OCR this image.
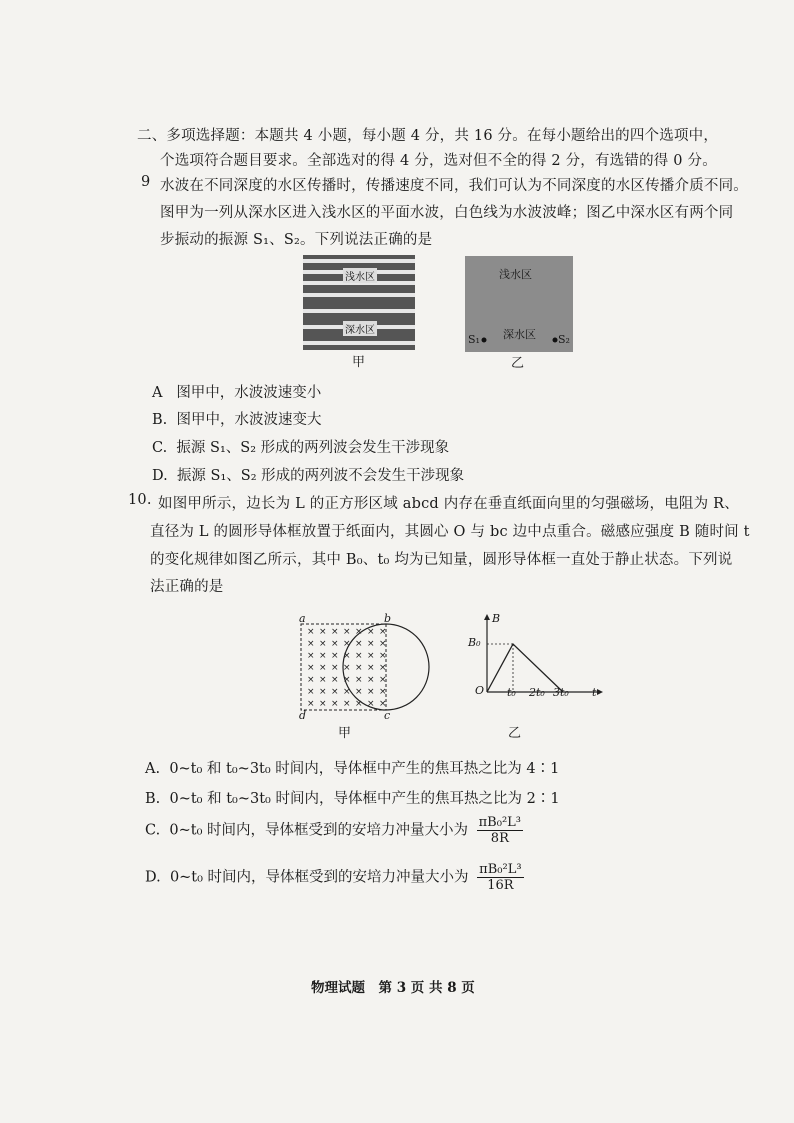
二、多项选择题：本题共 4 小题，每小题 4 分，共 16 分。在每小题给出的四个选项中，
个选项符合题目要求。全部选对的得 4 分，选对但不全的得 2 分，有选错的得 0 分。
9 水波在不同深度的水区传播时，传播速度不同，我们可认为不同深度的水区传播介质不同。
图甲为一列从深水区进入浅水区的平面水波，白色线为水波波峰；图乙中深水区有两个同
步振动的振源 S₁、S₂。下列说法正确的是
浅水区
深水区
甲
浅水区
深水区
S₁	S₂
乙
A 图甲中，水波波速变小
B. 图甲中，水波波速变大
C. 振源 S₁、S₂ 形成的两列波会发生干涉现象
D. 振源 S₁、S₂ 形成的两列波不会发生干涉现象
10. 如图甲所示，边长为 L 的正方形区域 abcd 内存在垂直纸面向里的匀强磁场，电阻为 R、
直径为 L 的圆形导体框放置于纸面内，其圆心 O 与 bc 边中点重合。磁感应强度 B 随时间 t
的变化规律如图乙所示，其中 B₀、t₀ 均为已知量，圆形导体框一直处于静止状态。下列说
法正确的是
× × × × × × ×
× × × × × × ×
× × × × × × ×
× × × × × × ×
× × × × × × ×
× × × × × × ×
× × × × × × ×
a	b
c
d
甲
B
B₀
O t₀ 2t₀ 3t₀ t
乙
A. 0~t₀ 和 t₀~3t₀ 时间内，导体框中产生的焦耳热之比为 4∶1
B. 0~t₀ 和 t₀~3t₀ 时间内，导体框中产生的焦耳热之比为 2∶1
C. 0~t₀ 时间内，导体框受到的安培力冲量大小为 $\frac{\text{πB₀²L³}}{8R}$
D. 0~t₀ 时间内，导体框受到的安培力冲量大小为 $\frac{\text{πB₀²L³}}{16R}$
物理试题　第 3 页 共 8 页
